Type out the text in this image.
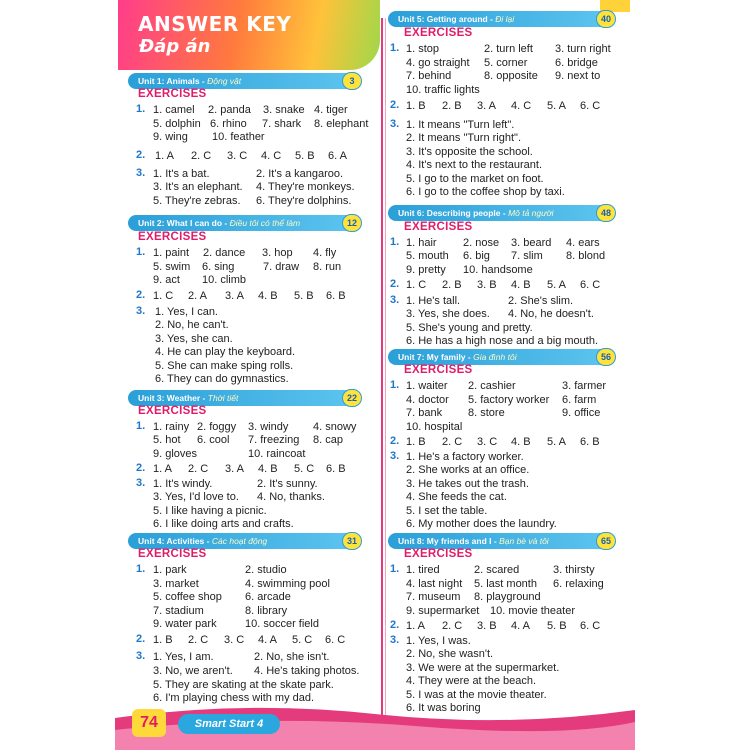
ANSWER KEY
Đáp án
Unit 1: Animals - Động vật	3
EXERCISES
1. 1. camel 2. panda 3. snake 4. tiger
5. dolphin 6. rhino 7. shark 8. elephant
9. wing 10. feather
2. 1. A 2. C 3. C 4. C 5. B 6. A
3. 1. It's a bat.	2. It's a kangaroo.
3. It's an elephant. 4. They're monkeys.
5. They're zebras. 6. They're dolphins.
Unit 2: What I can do - Điều tôi có thể làm	12
EXERCISES
1. 1. paint 2. dance 3. hop 4. fly
5. swim 6. sing	7. draw 8. run
9. act 10. climb
2. 1. C 2. A 3. A 4. B 5. B 6. B
3. 1. Yes, I can.
2. No, he can't.
3. Yes, she can.
4. He can play the keyboard.
5. She can make sping rolls.
6. They can do gymnastics.
Unit 3: Weather - Thời tiết	22
EXERCISES
1. 1. rainy 2. foggy 3. windy 4. snowy
5. hot 6. cool 7. freezing 8. cap
9. gloves	10. raincoat
2. 1. A 2. C 3. A 4. B 5. C 6. B
3. 1. It's windy.	2. It's sunny.
3. Yes, I'd love to. 4. No, thanks.
5. I like having a picnic.
6. I like doing arts and crafts.
Unit 4: Activities - Các hoạt động	31
EXERCISES
1. 1. park	2. studio
3. market	4. swimming pool
5. coffee shop 6. arcade
7. stadium	8. library
9. water park	10. soccer field
2. 1. B 2. C 3. C 4. A 5. C 6. C
3. 1. Yes, I am.	2. No, she isn't.
3. No, we aren't. 4. He's taking photos.
5. They are skating at the skate park.
6. I'm playing chess with my dad.
Unit 5: Getting around - Đi lại	40
EXERCISES
1. 1. stop	2. turn left 3. turn right
4. go straight 5. corner	6. bridge
7. behind	8. opposite 9. next to
10. traffic lights
2. 1. B 2. B 3. A 4. C 5. A 6. C
3. 1. It means "Turn left".
2. It means "Turn right".
3. It's opposite the school.
4. It's next to the restaurant.
5. I go to the market on foot.
6. I go to the coffee shop by taxi.
Unit 6: Describing people - Mô tả người	48
EXERCISES
1. 1. hair 2. nose 3. beard 4. ears
5. mouth 6. big 7. slim 8. blond
9. pretty 10. handsome
2. 1. C 2. B 3. B 4. B 5. A 6. C
3. 1. He's tall.	2. She's slim.
3. Yes, she does. 4. No, he doesn't.
5. She's young and pretty.
6. He has a high nose and a big mouth.
Unit 7: My family - Gia đình tôi	56
EXERCISES
1. 1. waiter 2. cashier	3. farmer
4. doctor 5. factory worker 6. farm
7. bank 8. store	9. office
10. hospital
2. 1. B 2. C 3. C 4. B 5. A 6. B
3. 1. He's a factory worker.
2. She works at an office.
3. He takes out the trash.
4. She feeds the cat.
5. I set the table.
6. My mother does the laundry.
Unit 8: My friends and I - Bạn bè và tôi	65
EXERCISES
1. 1. tired	2. scared	3. thirsty
4. last night 5. last month 6. relaxing
7. museum 8. playground
9. supermarket 10. movie theater
2. 1. A 2. C 3. B 4. A 5. B 6. C
3. 1. Yes, I was.
2. No, she wasn't.
3. We were at the supermarket.
4. They were at the beach.
5. I was at the movie theater.
6. It was boring
74	Smart Start 4
